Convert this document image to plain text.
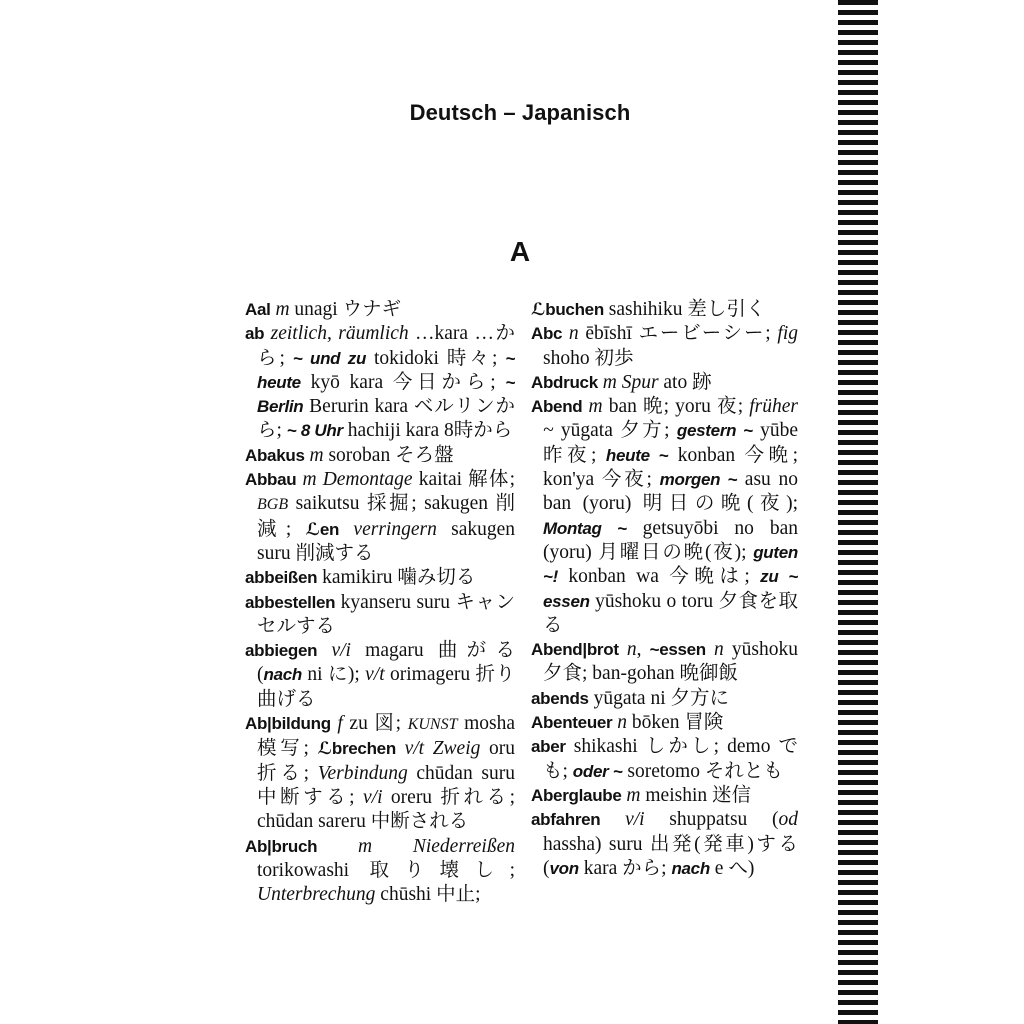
Deutsch – Japanisch
A

Aal m unagi ウナギ

ab zeitlich, räumlich …kara …から; ~ und zu tokidoki 時々; ~ heute kyō kara 今日から; ~ Berlin Berurin kara ベルリンから; ~ 8 Uhr hachiji kara 8時から

Abakus m soroban そろ盤

Abbau m Demontage kaitai 解体; BGB saikutsu 採掘; sakugen 削減; ℒen verringern sakugen suru 削減する

abbeißen kamikiru 噛み切る

abbestellen kyanseru suru キャンセルする

abbiegen v/i magaru 曲がる (nach ni に); v/t orimageru 折り曲げる

Ab|bildung f zu 図; KUNST mosha 模写; ℒbrechen v/t Zweig oru 折る; Verbindung chūdan suru 中断する; v/i oreru 折れる; chūdan sareru 中断される

Ab|bruch m Niederreißen torikowashi 取り壊し; Unterbrechung chūshi 中止;

ℒbuchen sashihiku 差し引く

Abc n ēbīshī エービーシー; fig shoho 初歩

Abdruck m Spur ato 跡

Abend m ban 晩; yoru 夜; früher ~ yūgata 夕方; gestern ~ yūbe 昨夜; heute ~ konban 今晩; kon'ya 今夜; morgen ~ asu no ban (yoru) 明日の晩(夜); Montag ~ getsuyōbi no ban (yoru) 月曜日の晩(夜); guten ~! konban wa 今晩は; zu ~ essen yūshoku o toru 夕食を取る

Abend|brot n, ~essen n yūshoku 夕食; ban-gohan 晩御飯

abends yūgata ni 夕方に

Abenteuer n bōken 冒険

aber shikashi しかし; demo でも; oder ~ soretomo それとも

Aberglaube m meishin 迷信

abfahren v/i shuppatsu (od hassha) suru 出発(発車)する (von kara から; nach e へ)
